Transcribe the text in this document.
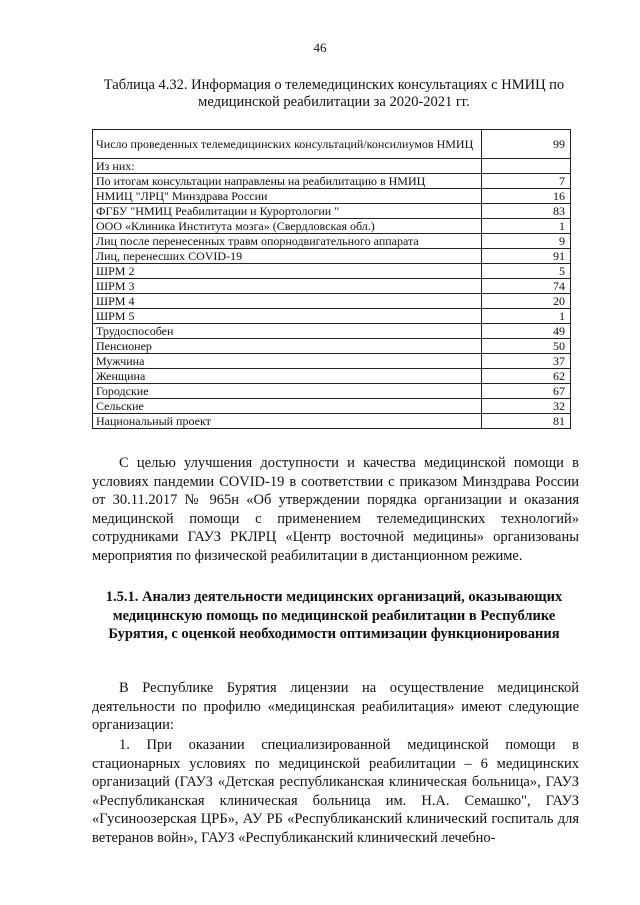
46
Таблица 4.32. Информация о телемедицинских консультациях с НМИЦ по медицинской реабилитации за 2020-2021 гг.
Число проведенных телемедицинских консультаций/консилиумов НМИЦ	99
Из них:	
По итогам консультации направлены на реабилитацию в НМИЦ	7
НМИЦ "ЛРЦ" Минздрава России	16
ФГБУ "НМИЦ Реабилитации и Курортологии "	83
ООО «Клиника Института мозга» (Свердловская обл.)	1
Лиц после перенесенных травм опорнодвигательного аппарата	9
Лиц, перенесших COVID-19	91
ШРМ 2	5
ШРМ 3	74
ШРМ 4	20
ШРМ 5	1
Трудоспособен	49
Пенсионер	50
Мужчина	37
Женщина	62
Городские	67
Сельские	32
Национальный проект	81

С целью улучшения доступности и качества медицинской помощи в условиях пандемии COVID-19 в соответствии с приказом Минздрава России от 30.11.2017 № 965н «Об утверждении порядка организации и оказания медицинской помощи с применением телемедицинских технологий» сотрудниками ГАУЗ РКЛРЦ «Центр восточной медицины» организованы мероприятия по физической реабилитации в дистанционном режиме.

1.5.1. Анализ деятельности медицинских организаций, оказывающих медицинскую помощь по медицинской реабилитации в Республике Бурятия, с оценкой необходимости оптимизации функционирования

В Республике Бурятия лицензии на осуществление медицинской деятельности по профилю «медицинская реабилитация» имеют следующие организации:

1. При оказании специализированной медицинской помощи в стационарных условиях по медицинской реабилитации – 6 медицинских организаций (ГАУЗ «Детская республиканская клиническая больница», ГАУЗ «Республиканская клиническая больница им. Н.А. Семашко", ГАУЗ «Гусиноозерская ЦРБ», АУ РБ «Республиканский клинический госпиталь для ветеранов войн», ГАУЗ «Республиканский клинический лечебно-
